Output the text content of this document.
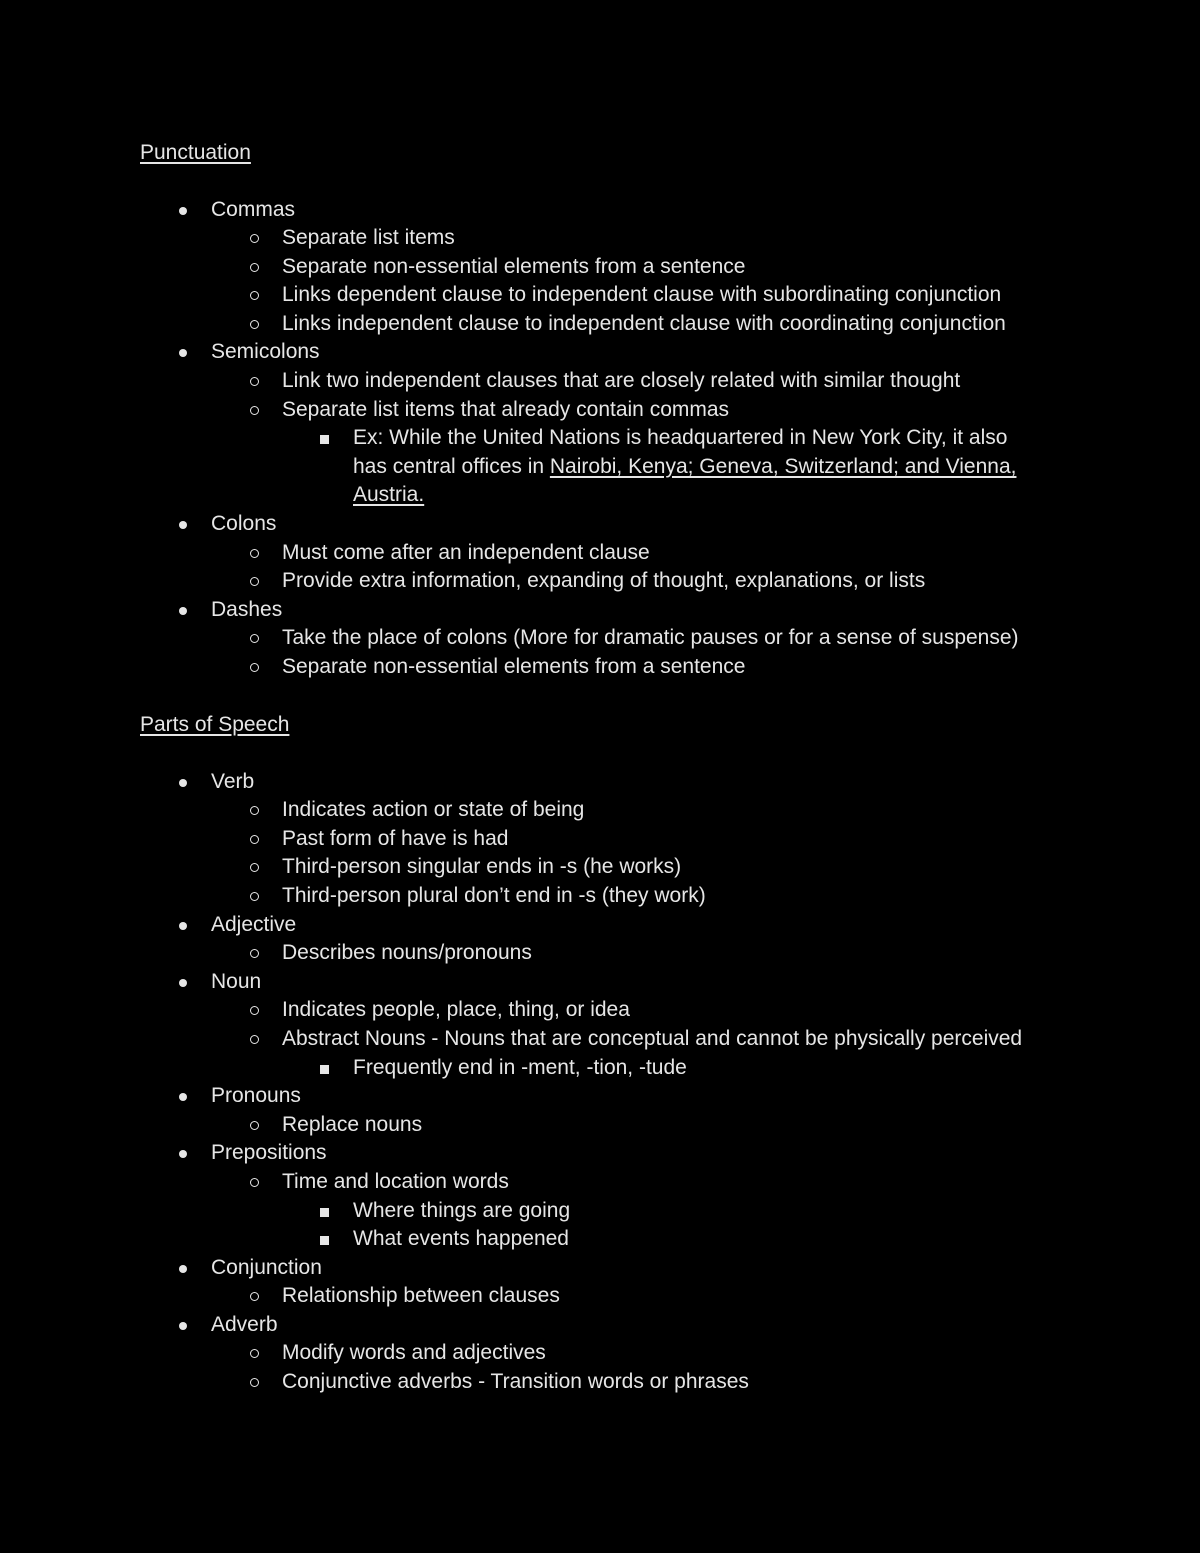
Punctuation
Commas
Separate list items
Separate non-essential elements from a sentence
Links dependent clause to independent clause with subordinating conjunction
Links independent clause to independent clause with coordinating conjunction
Semicolons
Link two independent clauses that are closely related with similar thought
Separate list items that already contain commas
Ex: While the United Nations is headquartered in New York City, it also has central offices in Nairobi, Kenya; Geneva, Switzerland; and Vienna, Austria.
Colons
Must come after an independent clause
Provide extra information, expanding of thought, explanations, or lists
Dashes
Take the place of colons (More for dramatic pauses or for a sense of suspense)
Separate non-essential elements from a sentence
Parts of Speech
Verb
Indicates action or state of being
Past form of have is had
Third-person singular ends in -s (he works)
Third-person plural don’t end in -s (they work)
Adjective
Describes nouns/pronouns
Noun
Indicates people, place, thing, or idea
Abstract Nouns - Nouns that are conceptual and cannot be physically perceived
Frequently end in -ment, -tion, -tude
Pronouns
Replace nouns
Prepositions
Time and location words
Where things are going
What events happened
Conjunction
Relationship between clauses
Adverb
Modify words and adjectives
Conjunctive adverbs - Transition words or phrases
